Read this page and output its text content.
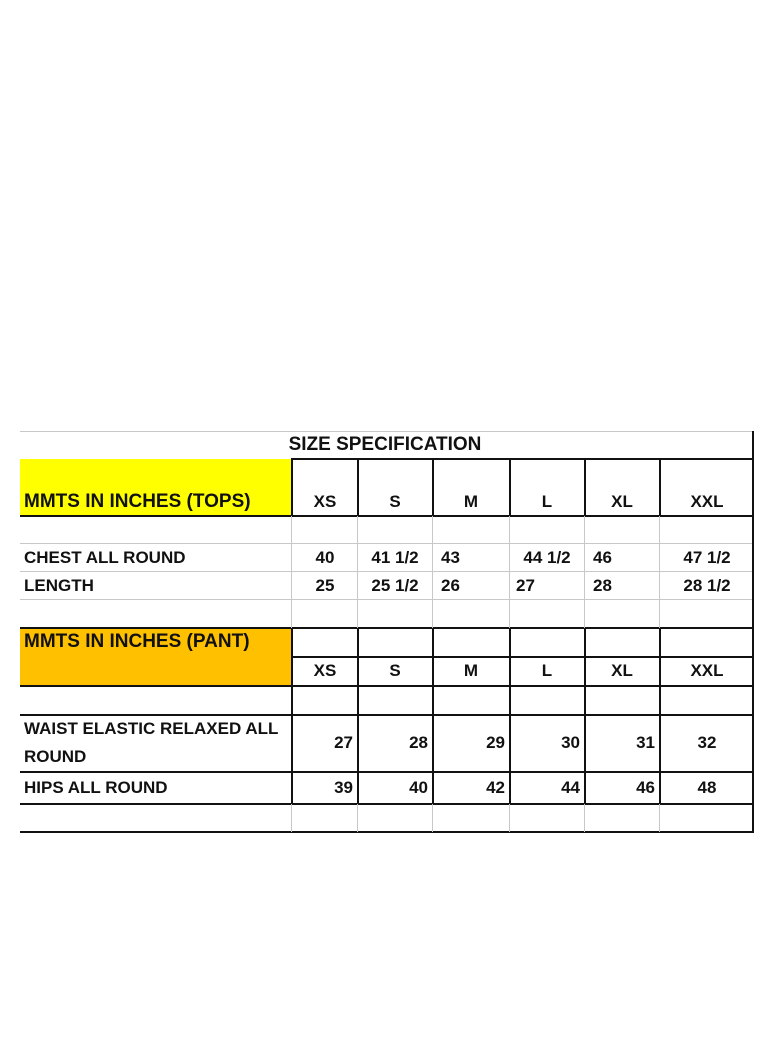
SIZE SPECIFICATION
MMTS IN INCHES (TOPS)	XS	S	M	L	XL	XXL
CHEST ALL ROUND	40	41 1/2	43	44 1/2	46	47 1/2
LENGTH	25	25 1/2	26	27	28	28 1/2
MMTS IN INCHES (PANT)
XS	S	M	L	XL	XXL
WAIST ELASTIC RELAXED ALL
ROUND
27	28	29	30	31	32
HIPS ALL ROUND	39	40	42	44	46	48
